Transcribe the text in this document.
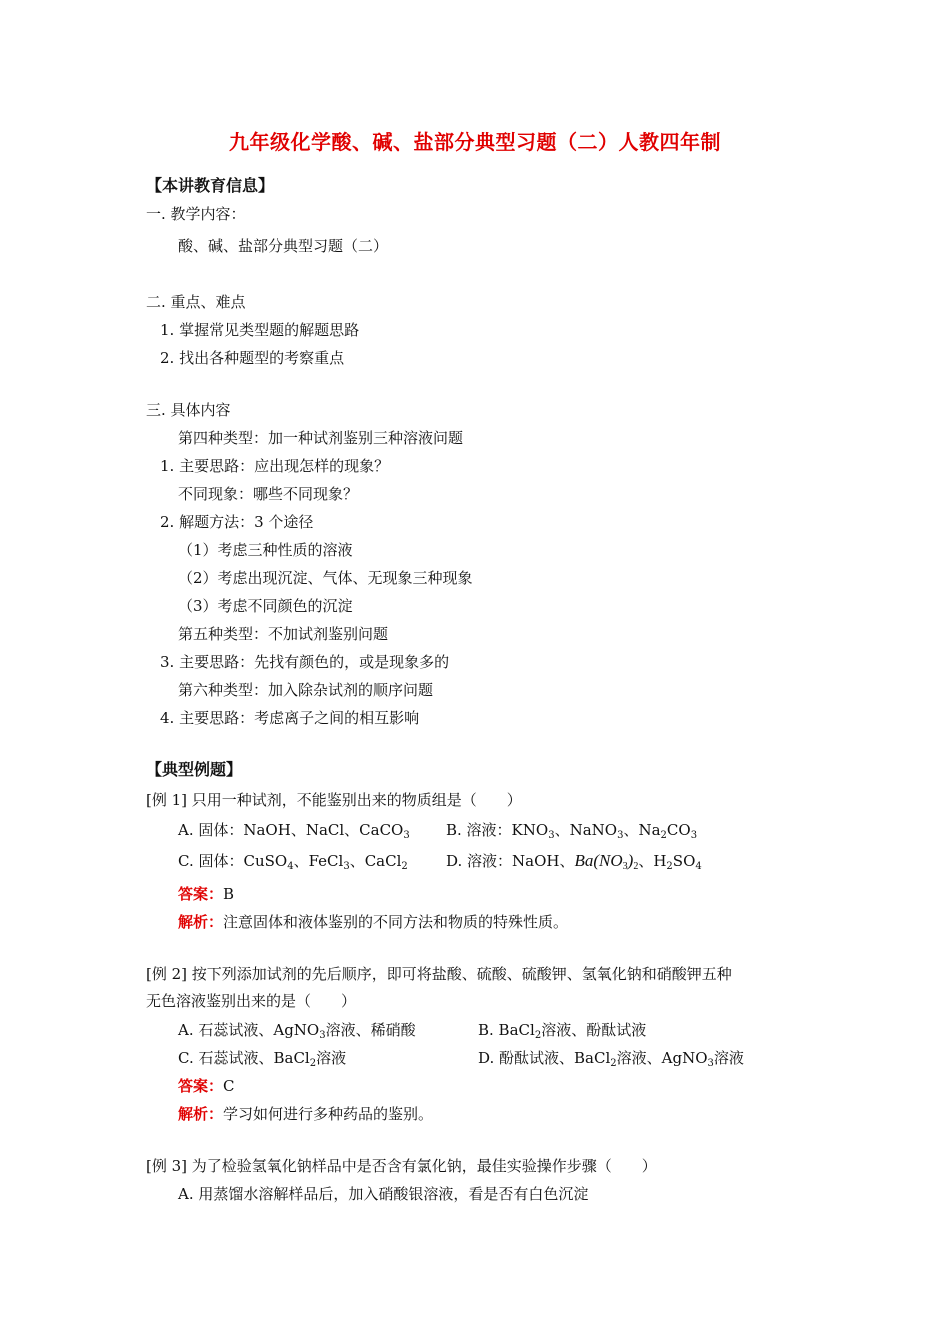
九年级化学酸、碱、盐部分典型习题（二）人教四年制
【本讲教育信息】
一. 教学内容：
酸、碱、盐部分典型习题（二）
二. 重点、难点
1. 掌握常见类型题的解题思路
2. 找出各种题型的考察重点
三. 具体内容
第四种类型：加一种试剂鉴别三种溶液问题
1. 主要思路：应出现怎样的现象？
不同现象：哪些不同现象？
2. 解题方法：3 个途径
（1）考虑三种性质的溶液
（2）考虑出现沉淀、气体、无现象三种现象
（3）考虑不同颜色的沉淀
第五种类型：不加试剂鉴别问题
3. 主要思路：先找有颜色的，或是现象多的
第六种类型：加入除杂试剂的顺序问题
4. 主要思路：考虑离子之间的相互影响
【典型例题】
[例 1] 只用一种试剂，不能鉴别出来的物质组是（　　）
A. 固体：NaOH、NaCl、CaCO$_3$ B. 溶液：$KNO_3$、NaNO$_3$、$Na_2CO_3$
C. 固体：CuSO$_4$、FeCl$_3$、CaCl$_2$	D. 溶液：NaOH、$Ba(NO_3)_2$、$H_2SO_4$
答案：B
解析：注意固体和液体鉴别的不同方法和物质的特殊性质。
[例 2] 按下列添加试剂的先后顺序，即可将盐酸、硫酸、硫酸钾、氢氧化钠和硝酸钾五种
无色溶液鉴别出来的是（　　）
A. 石蕊试液、AgNO$_3$溶液、稀硝酸	B. BaCl$_2$溶液、酚酞试液
C. 石蕊试液、BaCl$_2$溶液	D. 酚酞试液、BaCl$_2$溶液、AgNO$_3$溶液
答案：C
解析：学习如何进行多种药品的鉴别。
[例 3] 为了检验氢氧化钠样品中是否含有氯化钠，最佳实验操作步骤（　　）
A. 用蒸馏水溶解样品后，加入硝酸银溶液，看是否有白色沉淀
